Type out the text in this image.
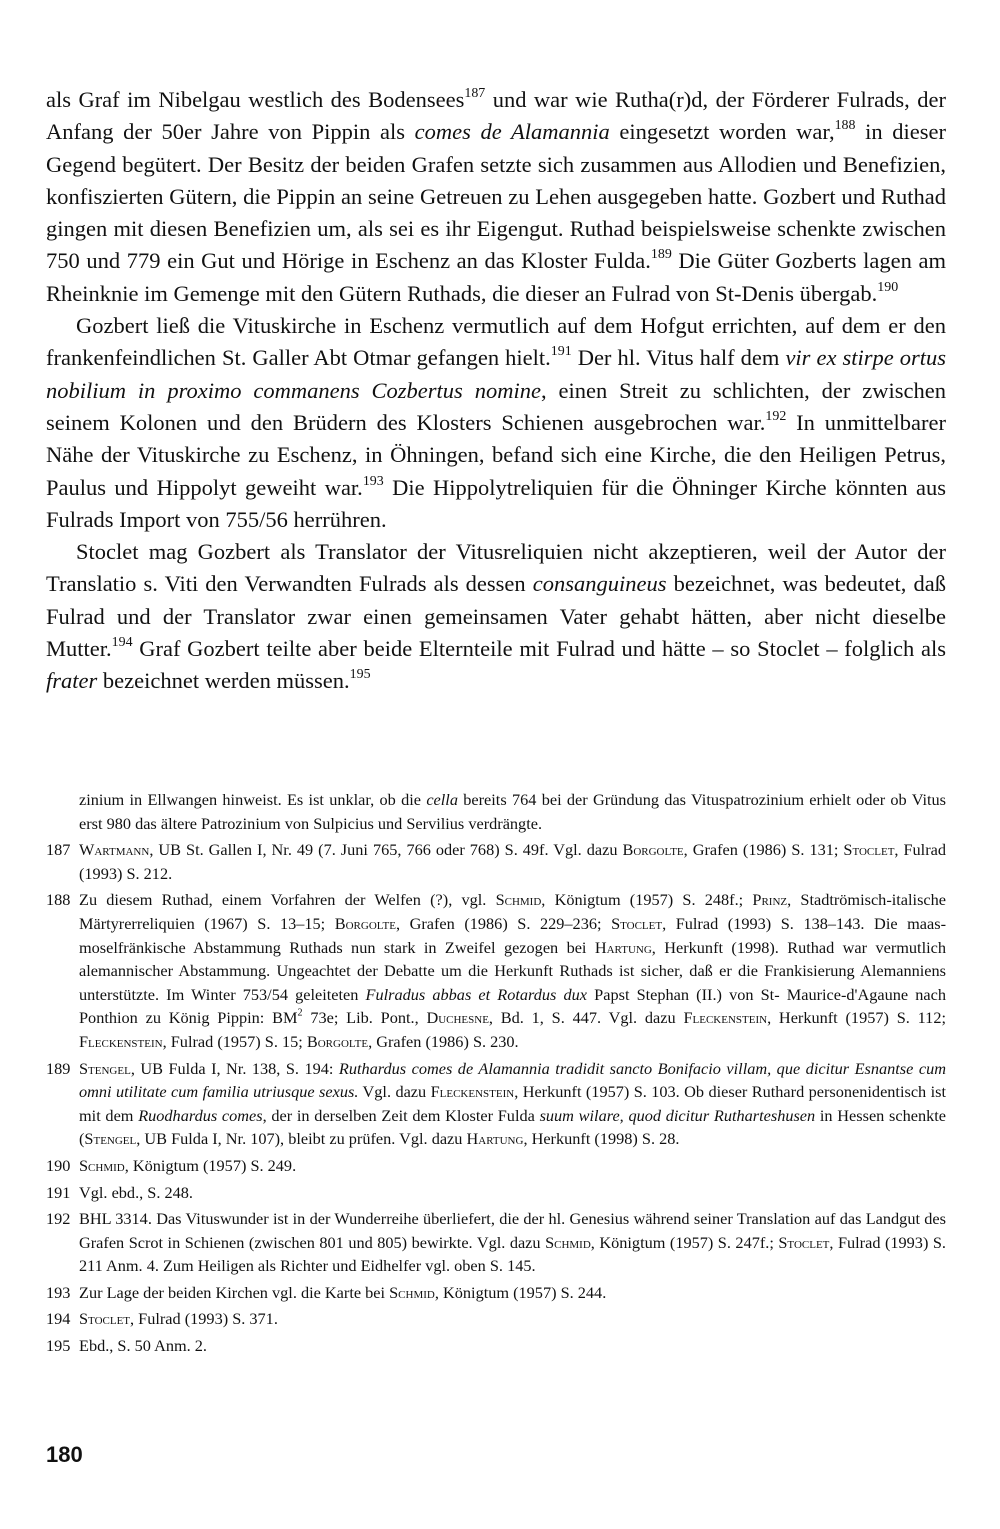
als Graf im Nibelgau westlich des Bodensees$^{187}$ und war wie Rutha(r)d, der Förderer Fulrads, der Anfang der 50er Jahre von Pippin als comes de Alamannia eingesetzt worden war,$^{188}$ in dieser Gegend begütert. Der Besitz der beiden Grafen setzte sich zusammen aus Allodien und Benefizien, konfiszierten Gütern, die Pippin an seine Getreuen zu Lehen ausgegeben hatte. Gozbert und Ruthad gingen mit diesen Benefizien um, als sei es ihr Eigengut. Ruthad beispielsweise schenkte zwischen 750 und 779 ein Gut und Hörige in Eschenz an das Kloster Fulda.$^{189}$ Die Güter Gozberts lagen am Rheinknie im Gemenge mit den Gütern Ruthads, die dieser an Fulrad von St-Denis übergab.$^{190}$

Gozbert ließ die Vituskirche in Eschenz vermutlich auf dem Hofgut errichten, auf dem er den frankenfeindlichen St. Galler Abt Otmar gefangen hielt.$^{191}$ Der hl. Vitus half dem vir ex stirpe ortus nobilium in proximo commanens Cozbertus nomine, einen Streit zu schlichten, der zwischen seinem Kolonen und den Brüdern des Klosters Schienen ausgebrochen war.$^{192}$ In unmittelbarer Nähe der Vituskirche zu Eschenz, in Öhningen, befand sich eine Kirche, die den Heiligen Petrus, Paulus und Hippolyt geweiht war.$^{193}$ Die Hippolytreliquien für die Öhninger Kirche könnten aus Fulrads Import von 755/56 herrühren.

Stoclet mag Gozbert als Translator der Vitusreliquien nicht akzeptieren, weil der Autor der Translatio s. Viti den Verwandten Fulrads als dessen consanguineus bezeichnet, was bedeutet, daß Fulrad und der Translator zwar einen gemeinsamen Vater gehabt hätten, aber nicht dieselbe Mutter.$^{194}$ Graf Gozbert teilte aber beide Elternteile mit Fulrad und hätte – so Stoclet – folglich als frater bezeichnet werden müssen.$^{195}$

zinium in Ellwangen hinweist. Es ist unklar, ob die cella bereits 764 bei der Gründung das Vituspatrozinium erhielt oder ob Vitus erst 980 das ältere Patrozinium von Sulpicius und Servilius verdrängte.
187 Wartmann, UB St. Gallen I, Nr. 49 (7. Juni 765, 766 oder 768) S. 49f. Vgl. dazu Borgolte, Grafen (1986) S. 131; Stoclet, Fulrad (1993) S. 212.
188 Zu diesem Ruthad, einem Vorfahren der Welfen (?), vgl. Schmid, Königtum (1957) S. 248f.; Prinz, Stadtrömisch-italische Märtyrerreliquien (1967) S. 13–15; Borgolte, Grafen (1986) S. 229–236; Stoclet, Fulrad (1993) S. 138–143. Die maas-moselfränkische Abstammung Ruthads nun stark in Zweifel gezogen bei Hartung, Herkunft (1998). Ruthad war vermutlich alemannischer Abstammung. Ungeachtet der Debatte um die Herkunft Ruthads ist sicher, daß er die Frankisierung Alemanniens unterstützte. Im Winter 753/54 geleiteten Fulradus abbas et Rotardus dux Papst Stephan (II.) von St- Maurice-d'Agaune nach Ponthion zu König Pippin: $BM^2$ 73e; Lib. Pont., Duchesne, Bd. 1, S. 447. Vgl. dazu Fleckenstein, Herkunft (1957) S. 112; Fleckenstein, Fulrad (1957) S. 15; Borgolte, Grafen (1986) S. 230.
189 Stengel, UB Fulda I, Nr. 138, S. 194: Ruthardus comes de Alamannia tradidit sancto Bonifacio villam, que dicitur Esnantse cum omni utilitate cum familia utriusque sexus. Vgl. dazu Fleckenstein, Herkunft (1957) S. 103. Ob dieser Ruthard personenidentisch ist mit dem Ruodhardus comes, der in derselben Zeit dem Kloster Fulda suum wilare, quod dicitur Rutharteshusen in Hessen schenkte (Stengel, UB Fulda I, Nr. 107), bleibt zu prüfen. Vgl. dazu Hartung, Herkunft (1998) S. 28.
190 Schmid, Königtum (1957) S. 249.
191 Vgl. ebd., S. 248.
192 BHL 3314. Das Vituswunder ist in der Wunderreihe überliefert, die der hl. Genesius während seiner Translation auf das Landgut des Grafen Scrot in Schienen (zwischen 801 und 805) bewirkte. Vgl. dazu Schmid, Königtum (1957) S. 247f.; Stoclet, Fulrad (1993) S. 211 Anm. 4. Zum Heiligen als Richter und Eidhelfer vgl. oben S. 145.
193 Zur Lage der beiden Kirchen vgl. die Karte bei Schmid, Königtum (1957) S. 244.
194 Stoclet, Fulrad (1993) S. 371.
195 Ebd., S. 50 Anm. 2.
180
